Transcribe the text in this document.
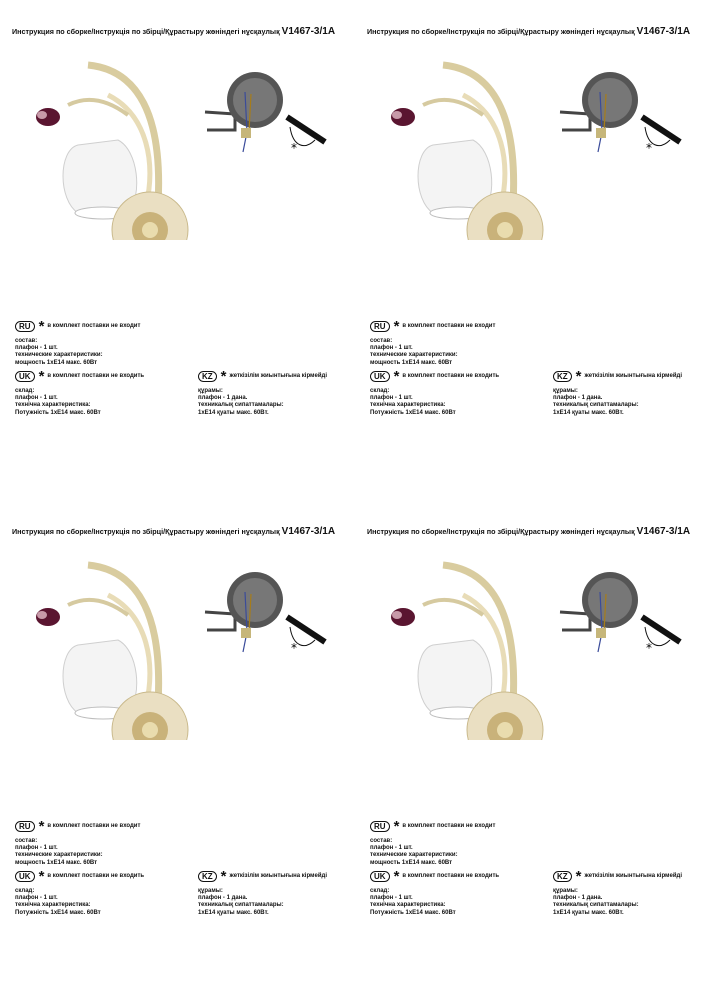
Инструкция по сборке/Інструкція по збірці/Құрастыру жөніндегі нұсқаулық V1467-3/1A
*
RU * в комплект поставки не входит
состав:
плафон - 1 шт.
технические характеристики:
мощность 1хЕ14 макс. 60Вт
UK * в комплект поставки не входить
склад:
плафон - 1 шт.
технічна характеристика:
Потужність 1хЕ14 макс. 60Вт
KZ * жеткізілім жиынтығына кірмейді
құрамы:
плафон - 1 дана.
техникалық сипаттамалары:
1хЕ14 қуаты макс. 60Вт.
Инструкция по сборке/Інструкція по збірці/Құрастыру жөніндегі нұсқаулық V1467-3/1A
*
RU * в комплект поставки не входит
состав:
плафон - 1 шт.
технические характеристики:
мощность 1хЕ14 макс. 60Вт
UK * в комплект поставки не входить
склад:
плафон - 1 шт.
технічна характеристика:
Потужність 1хЕ14 макс. 60Вт
KZ * жеткізілім жиынтығына кірмейді
құрамы:
плафон - 1 дана.
техникалық сипаттамалары:
1хЕ14 қуаты макс. 60Вт.
Инструкция по сборке/Інструкція по збірці/Құрастыру жөніндегі нұсқаулық V1467-3/1A
*
RU * в комплект поставки не входит
состав:
плафон - 1 шт.
технические характеристики:
мощность 1хЕ14 макс. 60Вт
UK * в комплект поставки не входить
склад:
плафон - 1 шт.
технічна характеристика:
Потужність 1хЕ14 макс. 60Вт
KZ * жеткізілім жиынтығына кірмейді
құрамы:
плафон - 1 дана.
техникалық сипаттамалары:
1хЕ14 қуаты макс. 60Вт.
Инструкция по сборке/Інструкція по збірці/Құрастыру жөніндегі нұсқаулық V1467-3/1A
*
RU * в комплект поставки не входит
состав:
плафон - 1 шт.
технические характеристики:
мощность 1хЕ14 макс. 60Вт
UK * в комплект поставки не входить
склад:
плафон - 1 шт.
технічна характеристика:
Потужність 1хЕ14 макс. 60Вт
KZ * жеткізілім жиынтығына кірмейді
құрамы:
плафон - 1 дана.
техникалық сипаттамалары:
1хЕ14 қуаты макс. 60Вт.
